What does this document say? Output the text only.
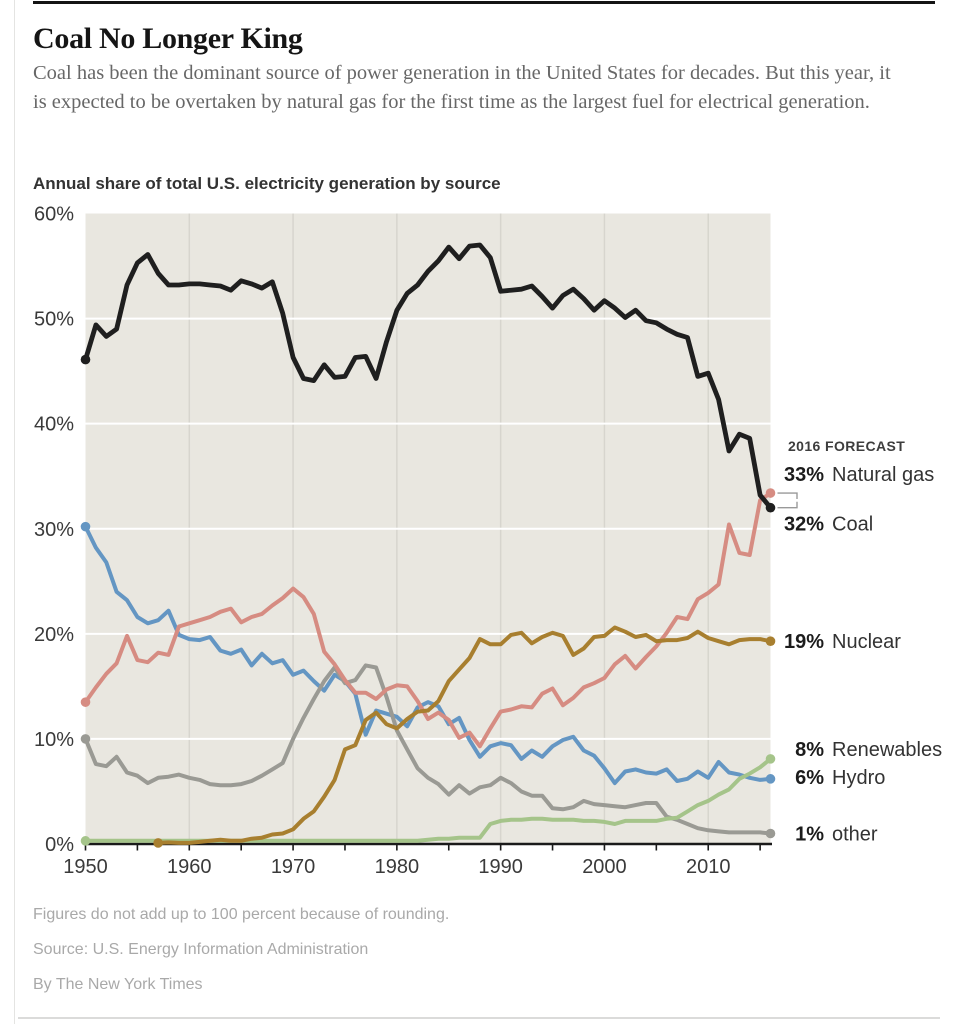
Coal No Longer King

Coal has been the dominant source of power generation in the United States for decades. But this year, it is expected to be overtaken by natural gas for the first time as the largest fuel for electrical generation.

Annual share of total U.S. electricity generation by source
0%
10%
20%
30%
40%
50%
60%
1950	1960	1970	1980	1990	2000	2010
2016 FORECAST
33% Natural gas
32% Coal
19% Nuclear
8% Renewables
6% Hydro
1% other

Figures do not add up to 100 percent because of rounding.

Source: U.S. Energy Information Administration

By The New York Times
